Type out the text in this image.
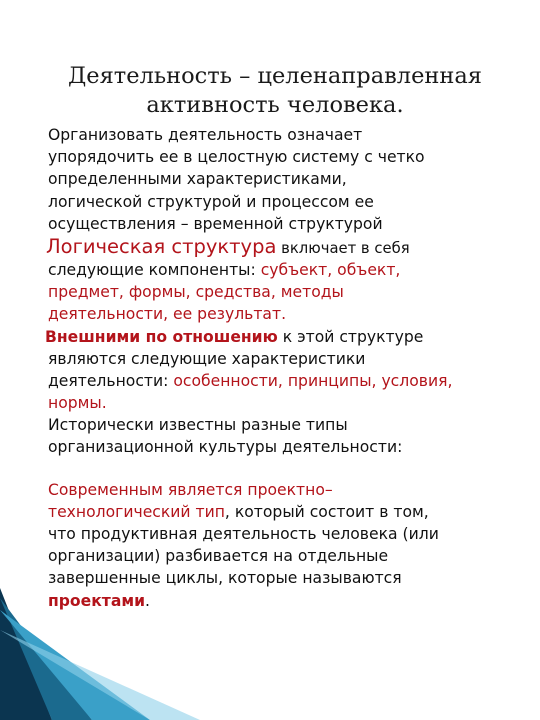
Деятельность – целенаправленная
активность человека.
Организовать деятельность означает
упорядочить ее в целостную систему с четко
определенными характеристиками,
логической структурой и процессом ее
осуществления – временной структурой
Логическая структура включает в себя
следующие компоненты: субъект, объект,
предмет, формы, средства, методы
деятельности, ее результат.
Внешними по отношению к этой структуре
являются следующие характеристики
деятельности: особенности, принципы, условия,
нормы.
Исторически известны разные типы
организационной культуры деятельности:
Современным является проектно–
технологический тип, который состоит в том,
что продуктивная деятельность человека (или
организации) разбивается на отдельные
завершенные циклы, которые называются
проектами.
